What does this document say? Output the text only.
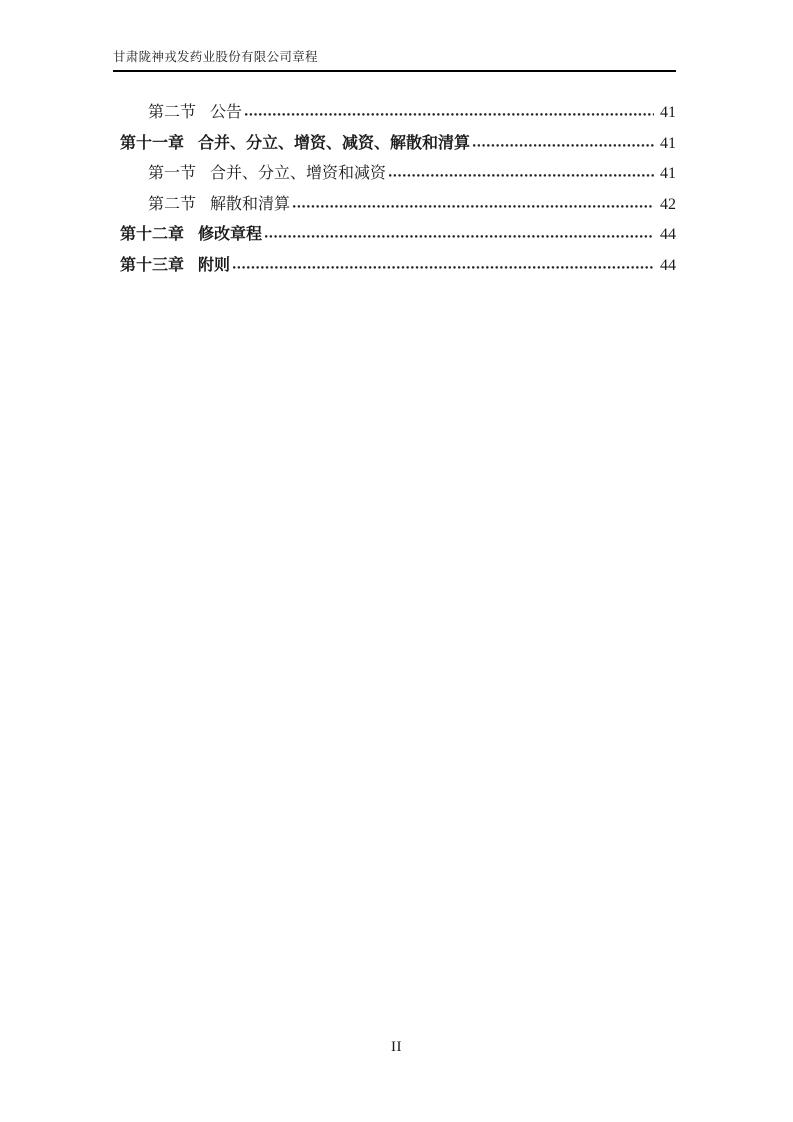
甘肃陇神戎发药业股份有限公司章程
第二节 公告	41
第十一章 合并、分立、增资、减资、解散和清算	41
第一节 合并、分立、增资和减资	41
第二节 解散和清算	42
第十二章 修改章程	44
第十三章 附则	44
II
